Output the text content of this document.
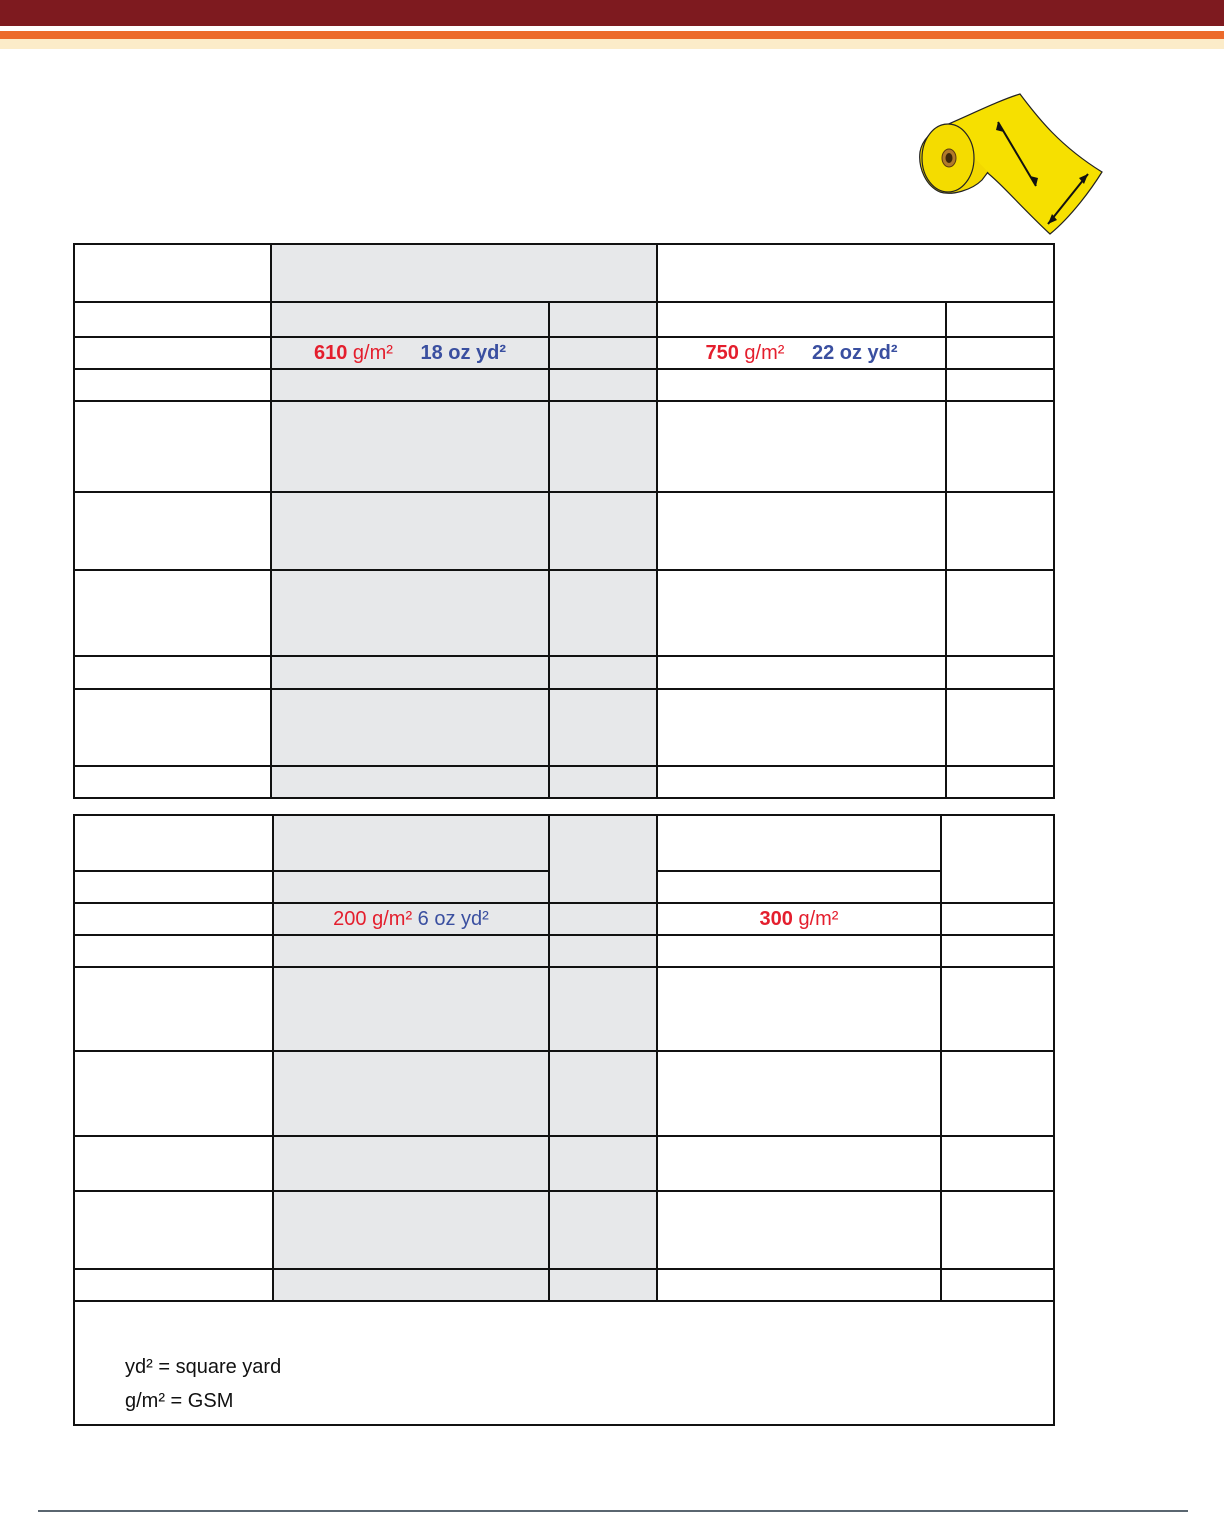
	610 g/m² 18 oz yd²		750 g/m² 22 oz yd²	

	200 g/m² 6 oz yd²		300 g/m²	

yd² = square yard
g/m² = GSM
